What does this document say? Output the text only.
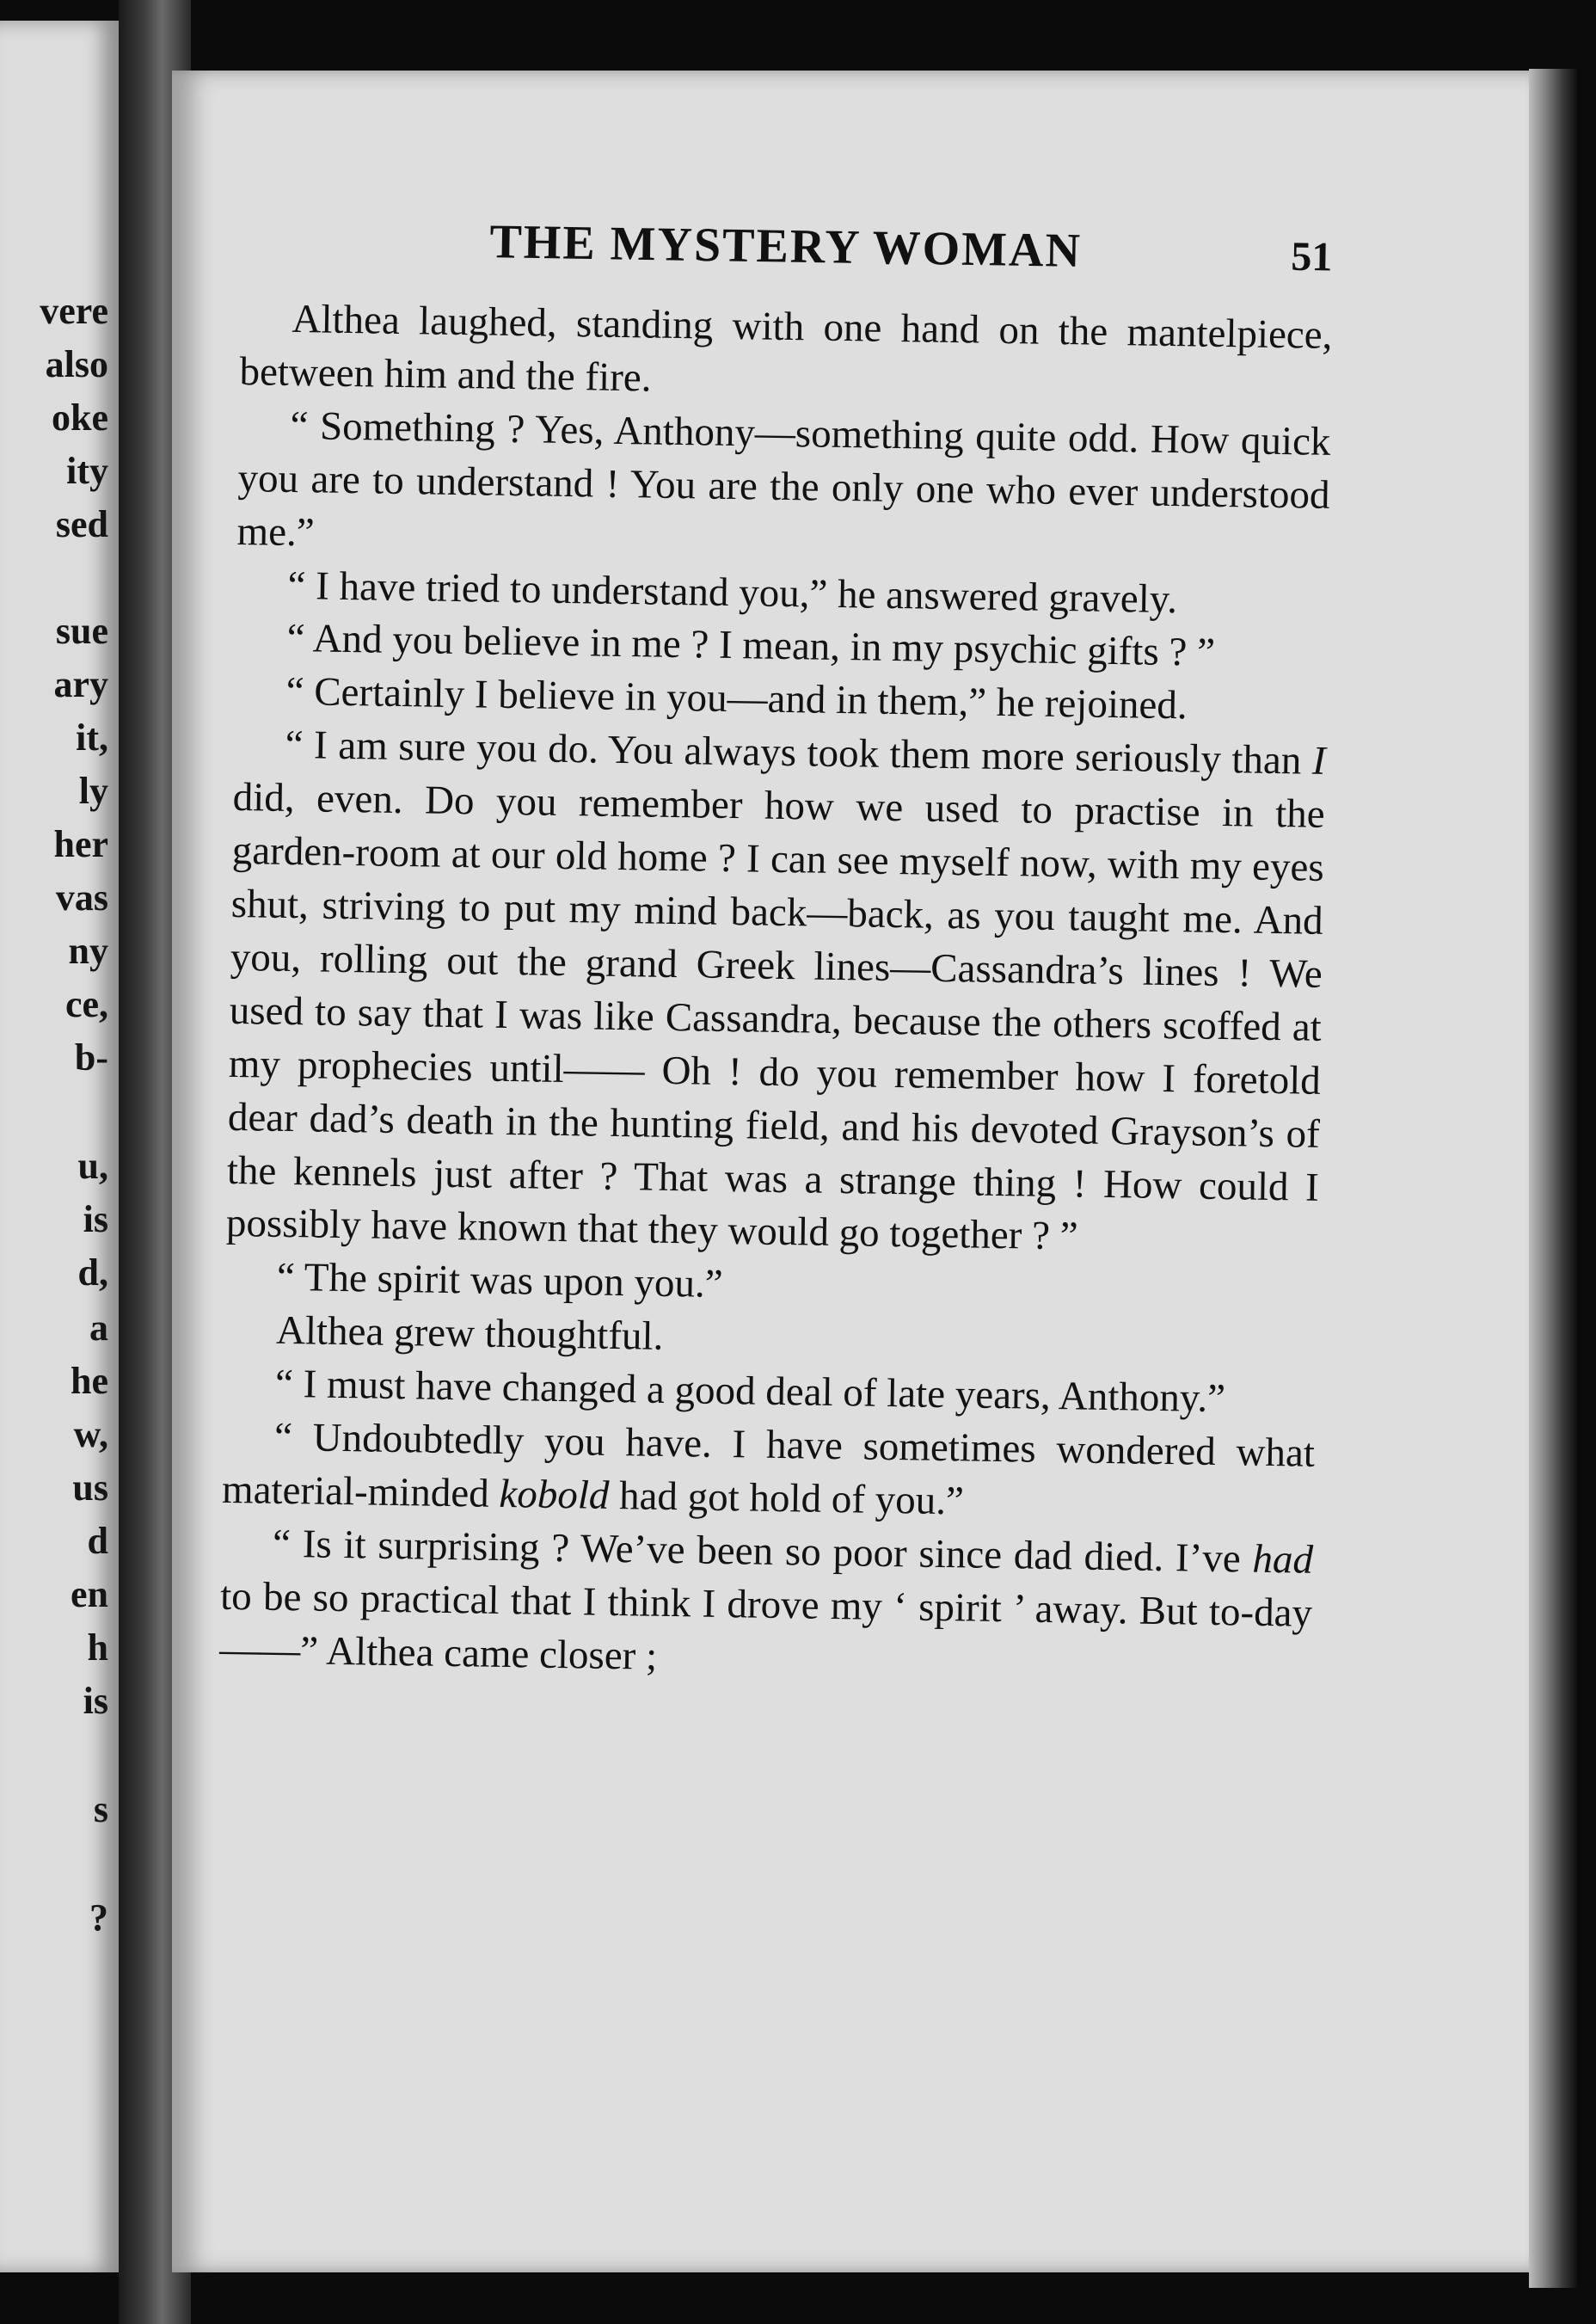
vere
also
oke
ity
sed
sue
ary
it,
ly
her
vas
ny
ce,
b-
u,
is
d,
a
he
w,
us
d
en
h
is
s
?
THE MYSTERY WOMAN	51

Althea laughed, standing with one hand on the mantelpiece, between him and the fire.

“ Something ? Yes, Anthony—something quite odd. How quick you are to understand ! You are the only one who ever understood me.”

“ I have tried to understand you,” he answered gravely.

“ And you believe in me ? I mean, in my psychic gifts ? ”

“ Certainly I believe in you—and in them,” he rejoined.

“ I am sure you do. You always took them more seriously than I did, even. Do you remember how we used to practise in the garden-room at our old home ? I can see myself now, with my eyes shut, striving to put my mind back—back, as you taught me. And you, rolling out the grand Greek lines—Cassandra’s lines ! We used to say that I was like Cassandra, because the others scoffed at my prophecies until—— Oh ! do you remember how I foretold dear dad’s death in the hunting field, and his devoted Grayson’s of the kennels just after ? That was a strange thing ! How could I possibly have known that they would go together ? ”

“ The spirit was upon you.”

Althea grew thoughtful.

“ I must have changed a good deal of late years, Anthony.”

“ Undoubtedly you have. I have sometimes wondered what material-minded kobold had got hold of you.”

“ Is it surprising ? We’ve been so poor since dad died. I’ve had to be so practical that I think I drove my ‘ spirit ’ away. But to-day——” Althea came closer ;
